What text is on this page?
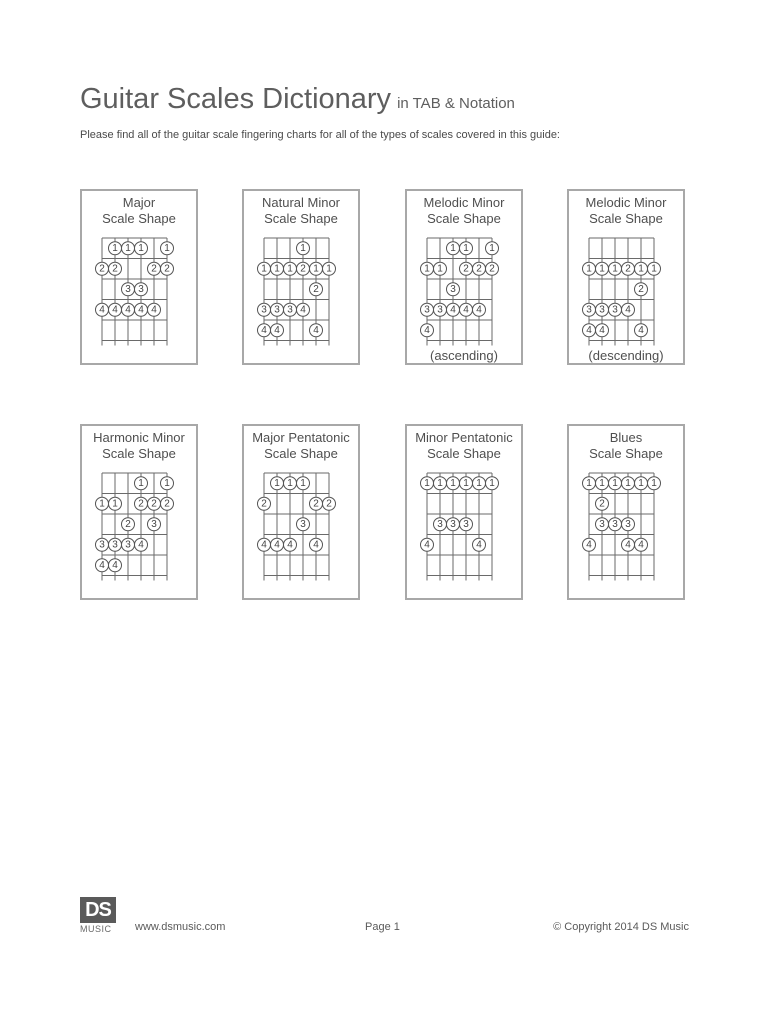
Guitar Scales Dictionary in TAB & Notation
Please find all of the guitar scale fingering charts for all of the types of scales covered in this guide:
Major
Scale Shape
1 1 1 1
2 2	2 2
3 3
4 4 4 4 4
Natural Minor
Scale Shape
1
1 1 1 2 1 1
2
3 3 3 4
4 4	4
Melodic Minor
Scale Shape
1 1 1
1 1 2 2 2
3
3 3 4 4 4
4
(ascending)
Melodic Minor
Scale Shape
1 1 1 2 1 1
2
3 3 3 4
4 4	4
(descending)
Harmonic Minor
Scale Shape
1 1
1 1 2 2 2
2 3
3 3 3 4
4 4
Major Pentatonic
Scale Shape
1 1 1
2	2 2
3
4 4 4 4
Minor Pentatonic
Scale Shape
1 1 1 1 1 1
3 3 3
4	4
Blues
Scale Shape
1 1 1 1 1 1
2
3 3 3
4	4 4
DS
MUSIC	www.dsmusic.com	Page 1	© Copyright 2014 DS Music
